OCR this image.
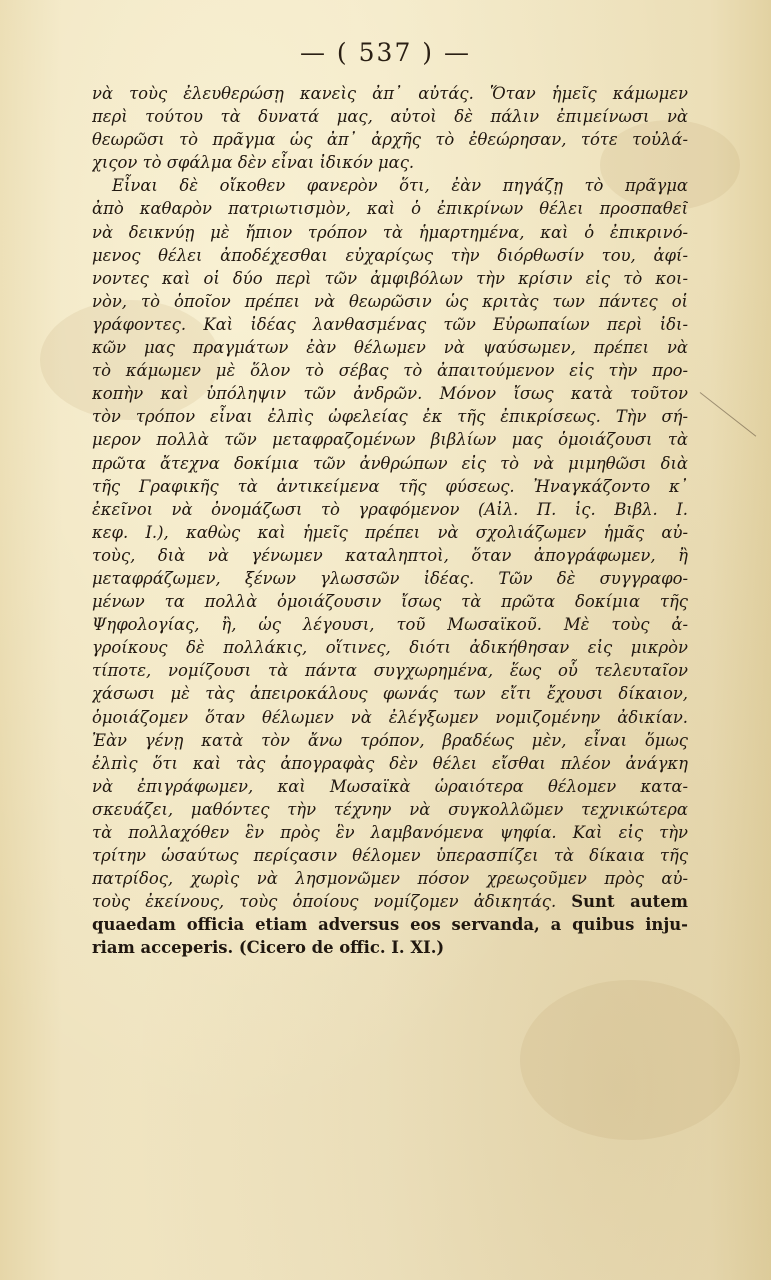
— ( 537 ) —
νὰ τοὺς ἐλευθερώσῃ κανεὶς ἀπ᾽ αὐτάς. Ὅταν ἡμεῖς κάμωμεν
περὶ τούτου τὰ δυνατά μας, αὐτοὶ δὲ πάλιν ἐπιμείνωσι νὰ
θεωρῶσι τὸ πρᾶγμα ὡς ἀπ᾽ ἀρχῆς τὸ ἐθεώρησαν, τότε τοὐλά-
χιςον τὸ σφάλμα δὲν εἶναι ἰδικόν μας.
Εἶναι δὲ οἴκοθεν φανερὸν ὅτι, ἐὰν πηγάζῃ τὸ πρᾶγμα
ἀπὸ καθαρὸν πατριωτισμὸν, καὶ ὁ ἐπικρίνων θέλει προσπαθεῖ
νὰ δεικνύῃ μὲ ἤπιον τρόπον τὰ ἡμαρτημένα, καὶ ὁ ἐπικρινό-
μενος θέλει ἀποδέχεσθαι εὐχαρίςως τὴν διόρθωσίν του, ἀφί-
νοντες καὶ οἱ δύο περὶ τῶν ἀμφιβόλων τὴν κρίσιν εἰς τὸ κοι-
νὸν, τὸ ὁποῖον πρέπει νὰ θεωρῶσιν ὡς κριτὰς των πάντες οἱ
γράφοντες. Καὶ ἰδέας λανθασμένας τῶν Εὐρωπαίων περὶ ἰδι-
κῶν μας πραγμάτων ἐὰν θέλωμεν νὰ ψαύσωμεν, πρέπει νὰ
τὸ κάμωμεν μὲ ὅλον τὸ σέβας τὸ ἀπαιτούμενον εἰς τὴν προ-
κοπὴν καὶ ὑπόληψιν τῶν ἀνδρῶν. Μόνον ἴσως κατὰ τοῦτον
τὸν τρόπον εἶναι ἐλπὶς ὠφελείας ἐκ τῆς ἐπικρίσεως. Τὴν σή-
μερον πολλὰ τῶν μεταφραζομένων βιβλίων μας ὁμοιάζουσι τὰ
πρῶτα ἄτεχνα δοκίμια τῶν ἀνθρώπων εἰς τὸ νὰ μιμηθῶσι διὰ
τῆς Γραφικῆς τὰ ἀντικείμενα τῆς φύσεως. Ἠναγκάζοντο κ᾽
ἐκεῖνοι νὰ ὀνομάζωσι τὸ γραφόμενον (Αἰλ. Π. ἱς. Βιβλ. Ι.
κεφ. Ι.), καθὼς καὶ ἡμεῖς πρέπει νὰ σχολιάζωμεν ἡμᾶς αὐ-
τοὺς, διὰ νὰ γένωμεν καταληπτοὶ, ὅταν ἀπογράφωμεν, ἢ
μεταφράζωμεν, ξένων γλωσσῶν ἰδέας. Τῶν δὲ συγγραφο-
μένων τα πολλὰ ὁμοιάζουσιν ἴσως τὰ πρῶτα δοκίμια τῆς
Ψηφολογίας, ἢ, ὡς λέγουσι, τοῦ Μωσαϊκοῦ. Μὲ τοὺς ἀ-
γροίκους δὲ πολλάκις, οἵτινες, διότι ἀδικήθησαν εἰς μικρὸν
τίποτε, νομίζουσι τὰ πάντα συγχωρημένα, ἕως οὗ τελευταῖον
χάσωσι μὲ τὰς ἀπειροκάλους φωνάς των εἴτι ἔχουσι δίκαιον,
ὁμοιάζομεν ὅταν θέλωμεν νὰ ἐλέγξωμεν νομιζομένην ἀδικίαν.
Ἐὰν γένῃ κατὰ τὸν ἄνω τρόπον, βραδέως μὲν, εἶναι ὅμως
ἐλπὶς ὅτι καὶ τὰς ἀπογραφὰς δὲν θέλει εἴσθαι πλέον ἀνάγκη
νὰ ἐπιγράφωμεν, καὶ Μωσαϊκὰ ὡραιότερα θέλομεν κατα-
σκευάζει, μαθόντες τὴν τέχνην νὰ συγκολλῶμεν τεχνικώτερα
τὰ πολλαχόθεν ἓν πρὸς ἓν λαμβανόμενα ψηφία. Καὶ εἰς τὴν
τρίτην ὡσαύτως περίςασιν θέλομεν ὑπερασπίζει τὰ δίκαια τῆς
πατρίδος, χωρὶς νὰ λησμονῶμεν πόσον χρεωςοῦμεν πρὸς αὐ-
τοὺς ἐκείνους, τοὺς ὁποίους νομίζομεν ἀδικητάς. Sunt autem
quaedam officia etiam adversus eos servanda, a quibus inju-
riam acceperis. (Cicero de offic. I. XI.)
